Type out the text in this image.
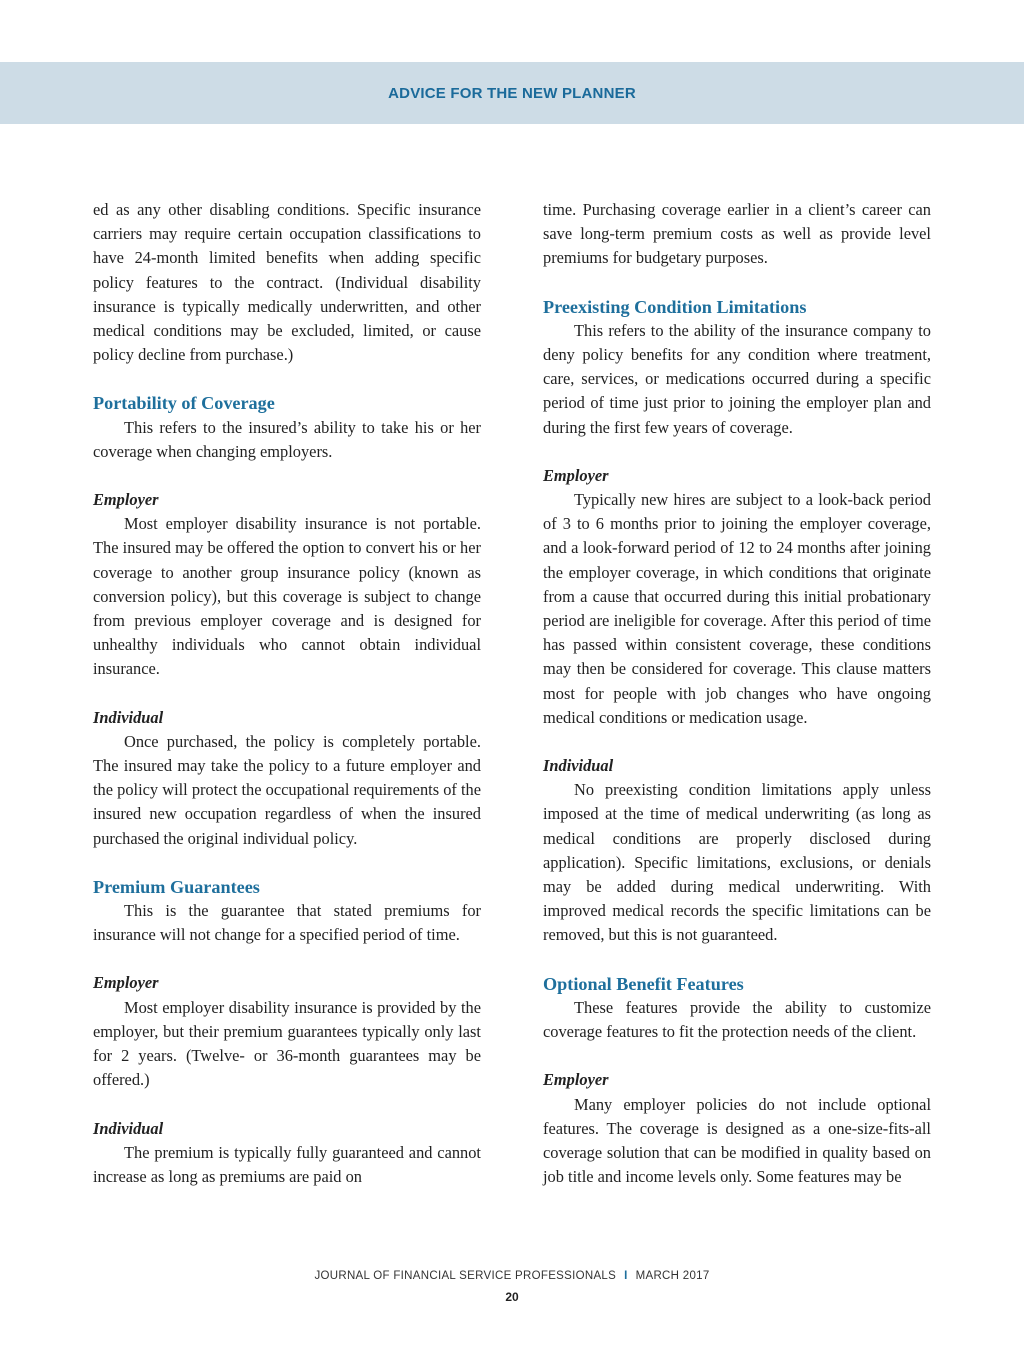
ADVICE FOR THE NEW PLANNER

ed as any other disabling conditions. Specific insurance carriers may require certain occupation classifications to have 24-month limited benefits when adding specific policy features to the contract. (Individual disability insurance is typically medically underwritten, and other medical conditions may be excluded, limited, or cause policy decline from purchase.)

Portability of Coverage

This refers to the insured’s ability to take his or her coverage when changing employers.

Employer

Most employer disability insurance is not portable. The insured may be offered the option to convert his or her coverage to another group insurance policy (known as conversion policy), but this coverage is subject to change from previous employer coverage and is designed for unhealthy individuals who cannot obtain individual insurance.

Individual

Once purchased, the policy is completely portable. The insured may take the policy to a future employer and the policy will protect the occupational requirements of the insured new occupation regardless of when the insured purchased the original individual policy.

Premium Guarantees

This is the guarantee that stated premiums for insurance will not change for a specified period of time.

Employer

Most employer disability insurance is provided by the employer, but their premium guarantees typically only last for 2 years. (Twelve- or 36-month guarantees may be offered.)

Individual

The premium is typically fully guaranteed and cannot increase as long as premiums are paid on

time. Purchasing coverage earlier in a client’s career can save long-term premium costs as well as provide level premiums for budgetary purposes.

Preexisting Condition Limitations

This refers to the ability of the insurance company to deny policy benefits for any condition where treatment, care, services, or medications occurred during a specific period of time just prior to joining the employer plan and during the first few years of coverage.

Employer

Typically new hires are subject to a look-back period of 3 to 6 months prior to joining the employer coverage, and a look-forward period of 12 to 24 months after joining the employer coverage, in which conditions that originate from a cause that occurred during this initial probationary period are ineligible for coverage. After this period of time has passed within consistent coverage, these conditions may then be considered for coverage. This clause matters most for people with job changes who have ongoing medical conditions or medication usage.

Individual

No preexisting condition limitations apply unless imposed at the time of medical underwriting (as long as medical conditions are properly disclosed during application). Specific limitations, exclusions, or denials may be added during medical underwriting. With improved medical records the specific limitations can be removed, but this is not guaranteed.

Optional Benefit Features

These features provide the ability to customize coverage features to fit the protection needs of the client.

Employer

Many employer policies do not include optional features. The coverage is designed as a one-size-fits-all coverage solution that can be modified in quality based on job title and income levels only. Some features may be

JOURNAL OF FINANCIAL SERVICE PROFESSIONALS I MARCH 2017
20
